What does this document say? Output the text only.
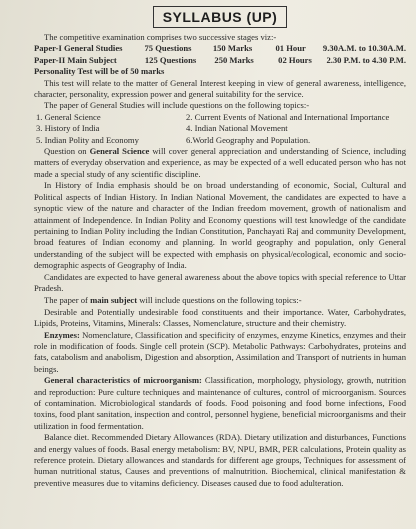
SYLLABUS (UP)

The competitive examination comprises two successive stages viz:-

Paper-I General Studies	75 Questions	150 Marks	01 Hour	9.30A.M. to 10.30A.M.
Paper-II Main Subject	125 Questions	250 Marks	02 Hours	2.30 P.M. to 4.30 P.M.
Personality Test will be of 50 marks

This test will relate to the matter of General Interest keeping in view of general awareness, intelligence, character, personality, expression power and general suitability for the service.

The paper of General Studies will include questions on the following topics:-

1. General Science	2. Current Events of National and International Importance
3. History of India	4. Indian National Movement
5. Indian Polity and Economy	6.World Geography and Population.

Question on General Science will cover general appreciation and understanding of Science, including matters of everyday observation and experience, as may be expected of a well educated person who has not made a special study of any scientific discipline.

In History of India emphasis should be on broad understanding of economic, Social, Cultural and Political aspects of Indian History. In Indian National Movement, the candidates are expected to have a synoptic view of the nature and character of the Indian freedom movement, growth of nationalism and attainment of Independence. In Indian Polity and Economy questions will test knowledge of the candidate pertaining to Indian Polity including the Indian Constitution, Panchayati Raj and community Development, broad features of Indian economy and planning. In world geography and population, only General understanding of the subject will be expected with emphasis on physical/ecological, economic and socio-demographic aspects of Geography of India.

Candidates are expected to have general awareness about the above topics with special reference to Uttar Pradesh.

The paper of main subject will include questions on the following topics:-

Desirable and Potentially undesirable food constituents and their importance. Water, Carbohydrates, Lipids, Proteins, Vitamins, Minerals: Classes, Nomenclature, structure and their chemistry.

Enzymes: Nomenclature, Classification and specificity of enzymes, enzyme Kinetics, enzymes and their role in modification of foods. Single cell protein (SCP). Metabolic Pathways: Carbohydrates, proteins and fats, catabolism and anabolism, Digestion and absorption, Assimilation and Transport of nutrients in human beings.

General characteristics of microorganism: Classification, morphology, physiology, growth, nutrition and reproduction: Pure culture techniques and maintenance of cultures, control of microorganism. Sources of contamination. Microbiological standards of foods. Food poisoning and food borne infections, Food toxins, food plant sanitation, inspection and control, personnel hygiene, beneficial microorganisms and their utilization in food fermentation.

Balance diet. Recommended Dietary Allowances (RDA). Dietary utilization and disturbances, Functions and energy values of foods. Basal energy metabolism: BV, NPU, BMR, PER calculations, Protein quality as reference protein. Dietary allowances and standards for different age groups, Techniques for assessment of human nutritional status, Causes and preventions of malnutrition. Biochemical, clinical manifestation & preventive measures due to vitamins deficiency. Diseases caused due to food adulteration.
